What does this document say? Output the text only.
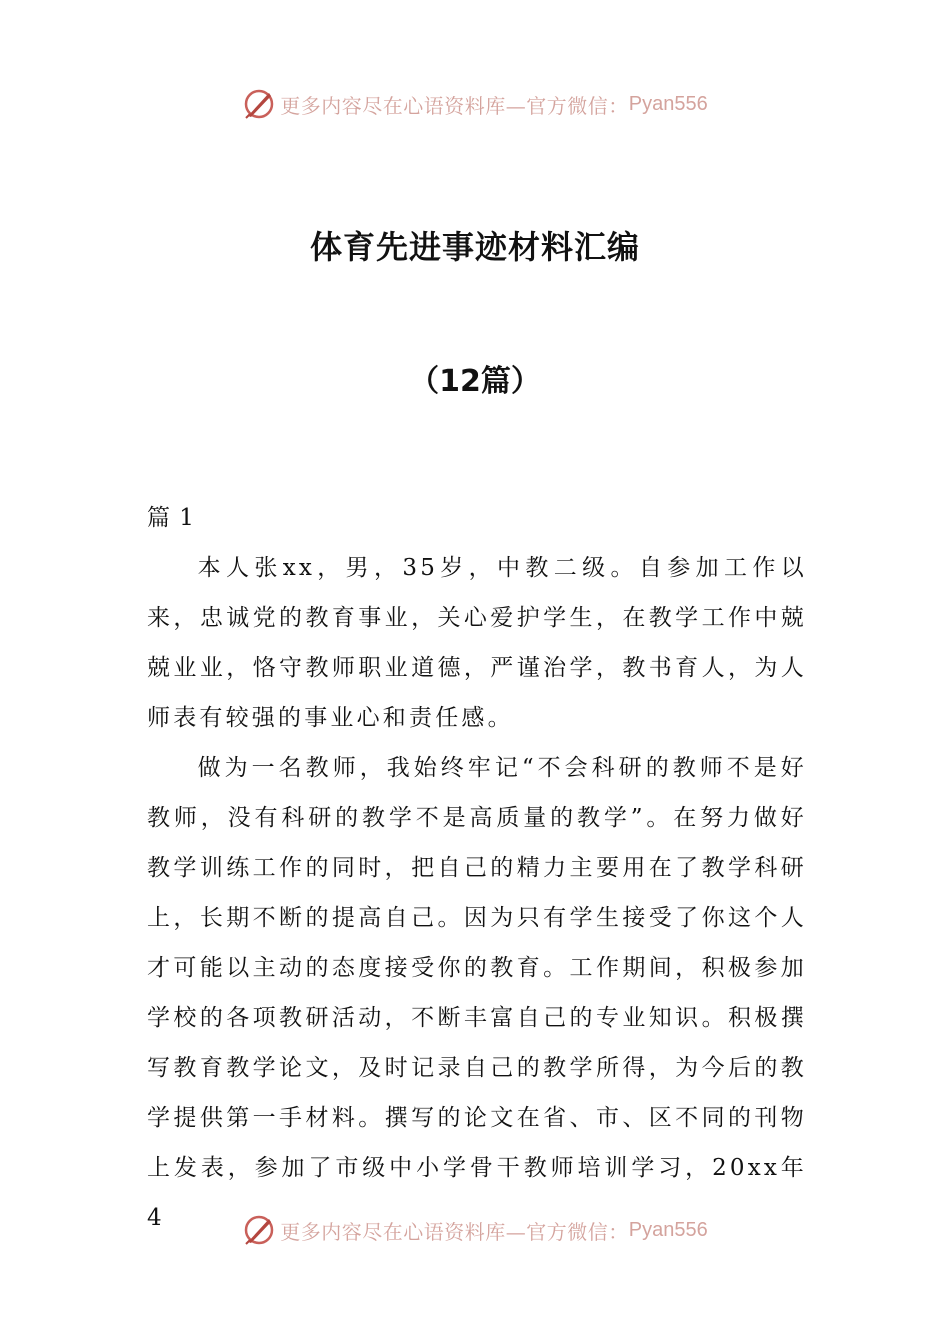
更多内容尽在心语资料库—官方微信： Pyan556
体育先进事迹材料汇编
（12篇）

篇 1

本人张xx，男，35岁，中教二级。自参加工作以来，忠诚党的教育事业，关心爱护学生，在教学工作中兢兢业业，恪守教师职业道德，严谨治学，教书育人，为人师表有较强的事业心和责任感。

做为一名教师，我始终牢记“不会科研的教师不是好教师，没有科研的教学不是高质量的教学”。在努力做好教学训练工作的同时，把自己的精力主要用在了教学科研上，长期不断的提高自己。因为只有学生接受了你这个人才可能以主动的态度接受你的教育。工作期间，积极参加学校的各项教研活动，不断丰富自己的专业知识。积极撰写教育教学论文，及时记录自己的教学所得，为今后的教学提供第一手材料。撰写的论文在省、市、区不同的刊物上发表，参加了市级中小学骨干教师培训学习，20xx年4

更多内容尽在心语资料库—官方微信： Pyan556
